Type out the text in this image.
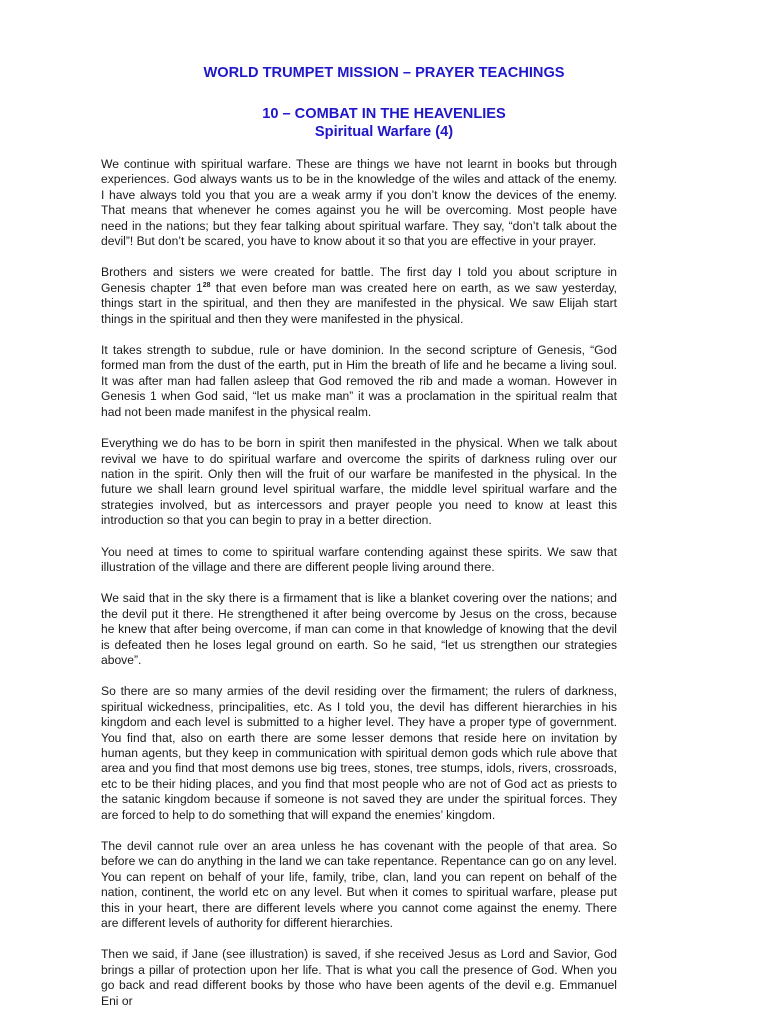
WORLD TRUMPET MISSION – PRAYER TEACHINGS
10 – COMBAT IN THE HEAVENLIES
Spiritual Warfare (4)

We continue with spiritual warfare. These are things we have not learnt in books but through experiences. God always wants us to be in the knowledge of the wiles and attack of the enemy. I have always told you that you are a weak army if you don’t know the devices of the enemy. That means that whenever he comes against you he will be overcoming. Most people have need in the nations; but they fear talking about spiritual warfare. They say, “don’t talk about the devil”! But don’t be scared, you have to know about it so that you are effective in your prayer.

Brothers and sisters we were created for battle. The first day I told you about scripture in Genesis chapter $1^{28}$ that even before man was created here on earth, as we saw yesterday, things start in the spiritual, and then they are manifested in the physical. We saw Elijah start things in the spiritual and then they were manifested in the physical.

It takes strength to subdue, rule or have dominion. In the second scripture of Genesis, “God formed man from the dust of the earth, put in Him the breath of life and he became a living soul. It was after man had fallen asleep that God removed the rib and made a woman. However in Genesis 1 when God said, “let us make man” it was a proclamation in the spiritual realm that had not been made manifest in the physical realm.

Everything we do has to be born in spirit then manifested in the physical. When we talk about revival we have to do spiritual warfare and overcome the spirits of darkness ruling over our nation in the spirit. Only then will the fruit of our warfare be manifested in the physical. In the future we shall learn ground level spiritual warfare, the middle level spiritual warfare and the strategies involved, but as intercessors and prayer people you need to know at least this introduction so that you can begin to pray in a better direction.

You need at times to come to spiritual warfare contending against these spirits. We saw that illustration of the village and there are different people living around there.

We said that in the sky there is a firmament that is like a blanket covering over the nations; and the devil put it there. He strengthened it after being overcome by Jesus on the cross, because he knew that after being overcome, if man can come in that knowledge of knowing that the devil is defeated then he loses legal ground on earth. So he said, “let us strengthen our strategies above”.

So there are so many armies of the devil residing over the firmament; the rulers of darkness, spiritual wickedness, principalities, etc. As I told you, the devil has different hierarchies in his kingdom and each level is submitted to a higher level. They have a proper type of government. You find that, also on earth there are some lesser demons that reside here on invitation by human agents, but they keep in communication with spiritual demon gods which rule above that area and you find that most demons use big trees, stones, tree stumps, idols, rivers, crossroads, etc to be their hiding places, and you find that most people who are not of God act as priests to the satanic kingdom because if someone is not saved they are under the spiritual forces. They are forced to help to do something that will expand the enemies’ kingdom.

The devil cannot rule over an area unless he has covenant with the people of that area. So before we can do anything in the land we can take repentance. Repentance can go on any level. You can repent on behalf of your life, family, tribe, clan, land you can repent on behalf of the nation, continent, the world etc on any level. But when it comes to spiritual warfare, please put this in your heart, there are different levels where you cannot come against the enemy. There are different levels of authority for different hierarchies.

Then we said, if Jane (see illustration) is saved, if she received Jesus as Lord and Savior, God brings a pillar of protection upon her life. That is what you call the presence of God. When you go back and read different books by those who have been agents of the devil e.g. Emmanuel Eni or
